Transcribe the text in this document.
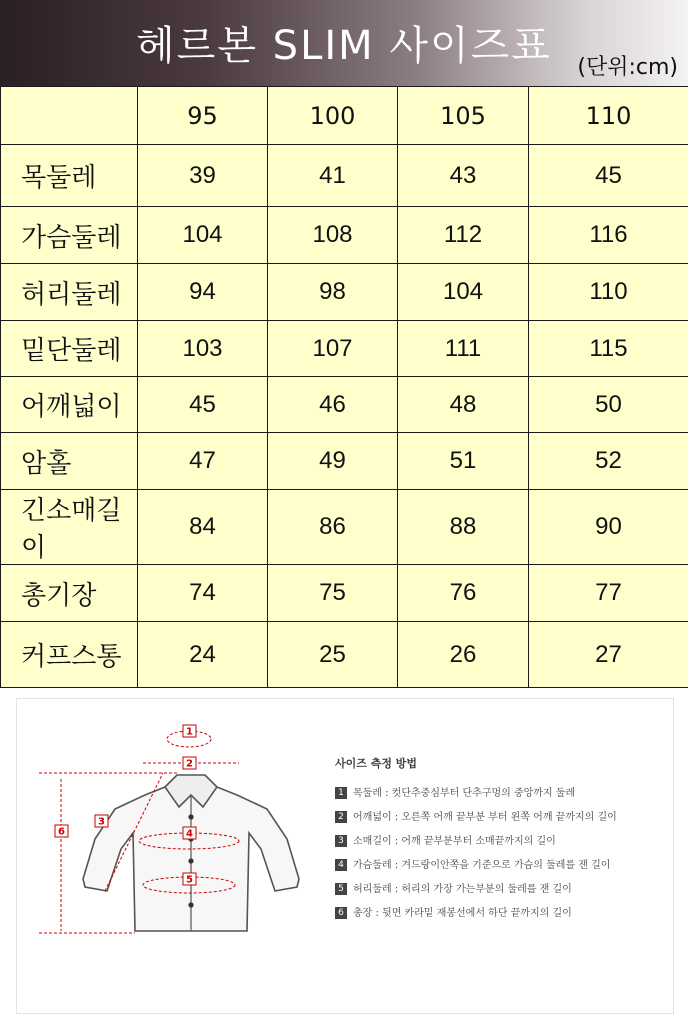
헤르본 SLIM 사이즈표	(단위:cm)
	95	100	105	110
목둘레	39	41	43	45
가슴둘레	104	108	112	116
허리둘레	94	98	104	110
밑단둘레	103	107	111	115
어깨넓이	45	46	48	50
암홀	47	49	51	52
긴소매길이	84	86	88	90
총기장	74	75	76	77
커프스통	24	25	26	27
1
2
3
4
5
6
사이즈 측정 방법
1 목둘레 : 컷단추중심부터 단추구멍의 중앙까지 둘레
2 어깨넓이 : 오른쪽 어깨 끝부분 부터 왼쪽 어깨 끝까지의 길이
3 소매길이 : 어깨 끝부분부터 소매끝까지의 길이
4 가슴둘레 : 겨드랑이안쪽을 기준으로 가슴의 둘레를 잰 길이
5 허리둘레 : 허리의 가장 가는부분의 둘레를 잰 길이
6 총장 : 뒷면 카라밑 재봉선에서 하단 끝까지의 길이
